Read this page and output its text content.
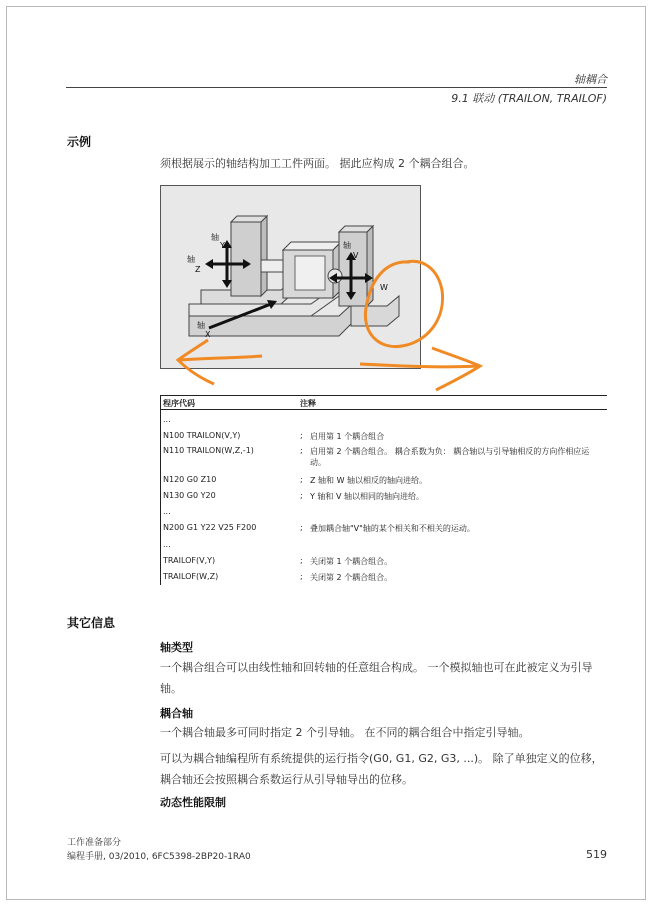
轴耦合
9.1 联动 (TRAILON, TRAILOF)
示例
须根据展示的轴结构加工工件两面。 据此应构成 2 个耦合组合。
轴Y
轴Z
轴V
W
轴X
程序代码	注释
...
N100 TRAILON(V,Y)	; 启用第 1 个耦合组合
N110 TRAILON(W,Z,-1)	; 启用第 2 个耦合组合。 耦合系数为负： 耦合轴以与引导轴相反的方向作相应运动。
N120 G0 Z10	; Z 轴和 W 轴以相反的轴向进给。
N130 G0 Y20	; Y 轴和 V 轴以相同的轴向进给。
...
N200 G1 Y22 V25 F200	; 叠加耦合轴"V"轴的某个相关和不相关的运动。
...
TRAILOF(V,Y)	; 关闭第 1 个耦合组合。
TRAILOF(W,Z)	; 关闭第 2 个耦合组合。
其它信息
轴类型
一个耦合组合可以由线性轴和回转轴的任意组合构成。 一个模拟轴也可在此被定义为引导轴。
耦合轴
一个耦合轴最多可同时指定 2 个引导轴。 在不同的耦合组合中指定引导轴。
可以为耦合轴编程所有系统提供的运行指令(G0, G1, G2, G3, ...)。 除了单独定义的位移，耦合轴还会按照耦合系数运行从引导轴导出的位移。
动态性能限制
工作准备部分
编程手册, 03/2010, 6FC5398-2BP20-1RA0	519
